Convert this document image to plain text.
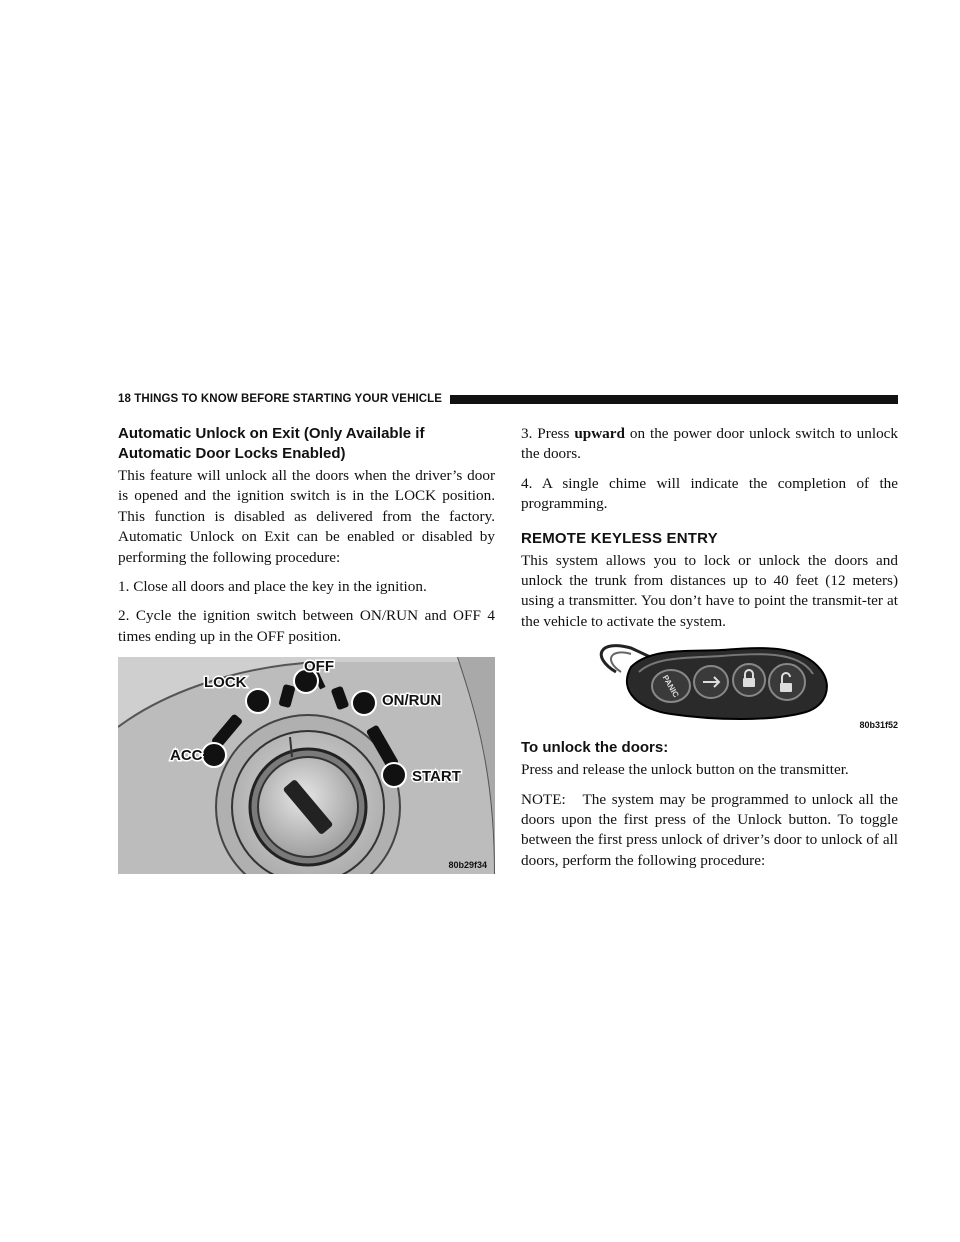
18 THINGS TO KNOW BEFORE STARTING YOUR VEHICLE
Automatic Unlock on Exit (Only Available if Automatic Door Locks Enabled)

This feature will unlock all the doors when the driver’s door is opened and the ignition switch is in the LOCK position. This function is disabled as delivered from the factory. Automatic Unlock on Exit can be enabled or disabled by performing the following procedure:

1. Close all doors and place the key in the ignition.

2. Cycle the ignition switch between ON/RUN and OFF 4 times ending up in the OFF position.

LOCK
OFF
ON/RUN
ACC
START
80b29f34

3. Press upward on the power door unlock switch to unlock the doors.

4. A single chime will indicate the completion of the programming.

REMOTE KEYLESS ENTRY

This system allows you to lock or unlock the doors and unlock the trunk from distances up to 40 feet (12 meters) using a transmitter. You don’t have to point the transmit-ter at the vehicle to activate the system.

PANIC
80b31f52
To unlock the doors:

Press and release the unlock button on the transmitter.

NOTE: The system may be programmed to unlock all the doors upon the first press of the Unlock button. To toggle between the first press unlock of driver’s door to unlock of all doors, perform the following procedure:
